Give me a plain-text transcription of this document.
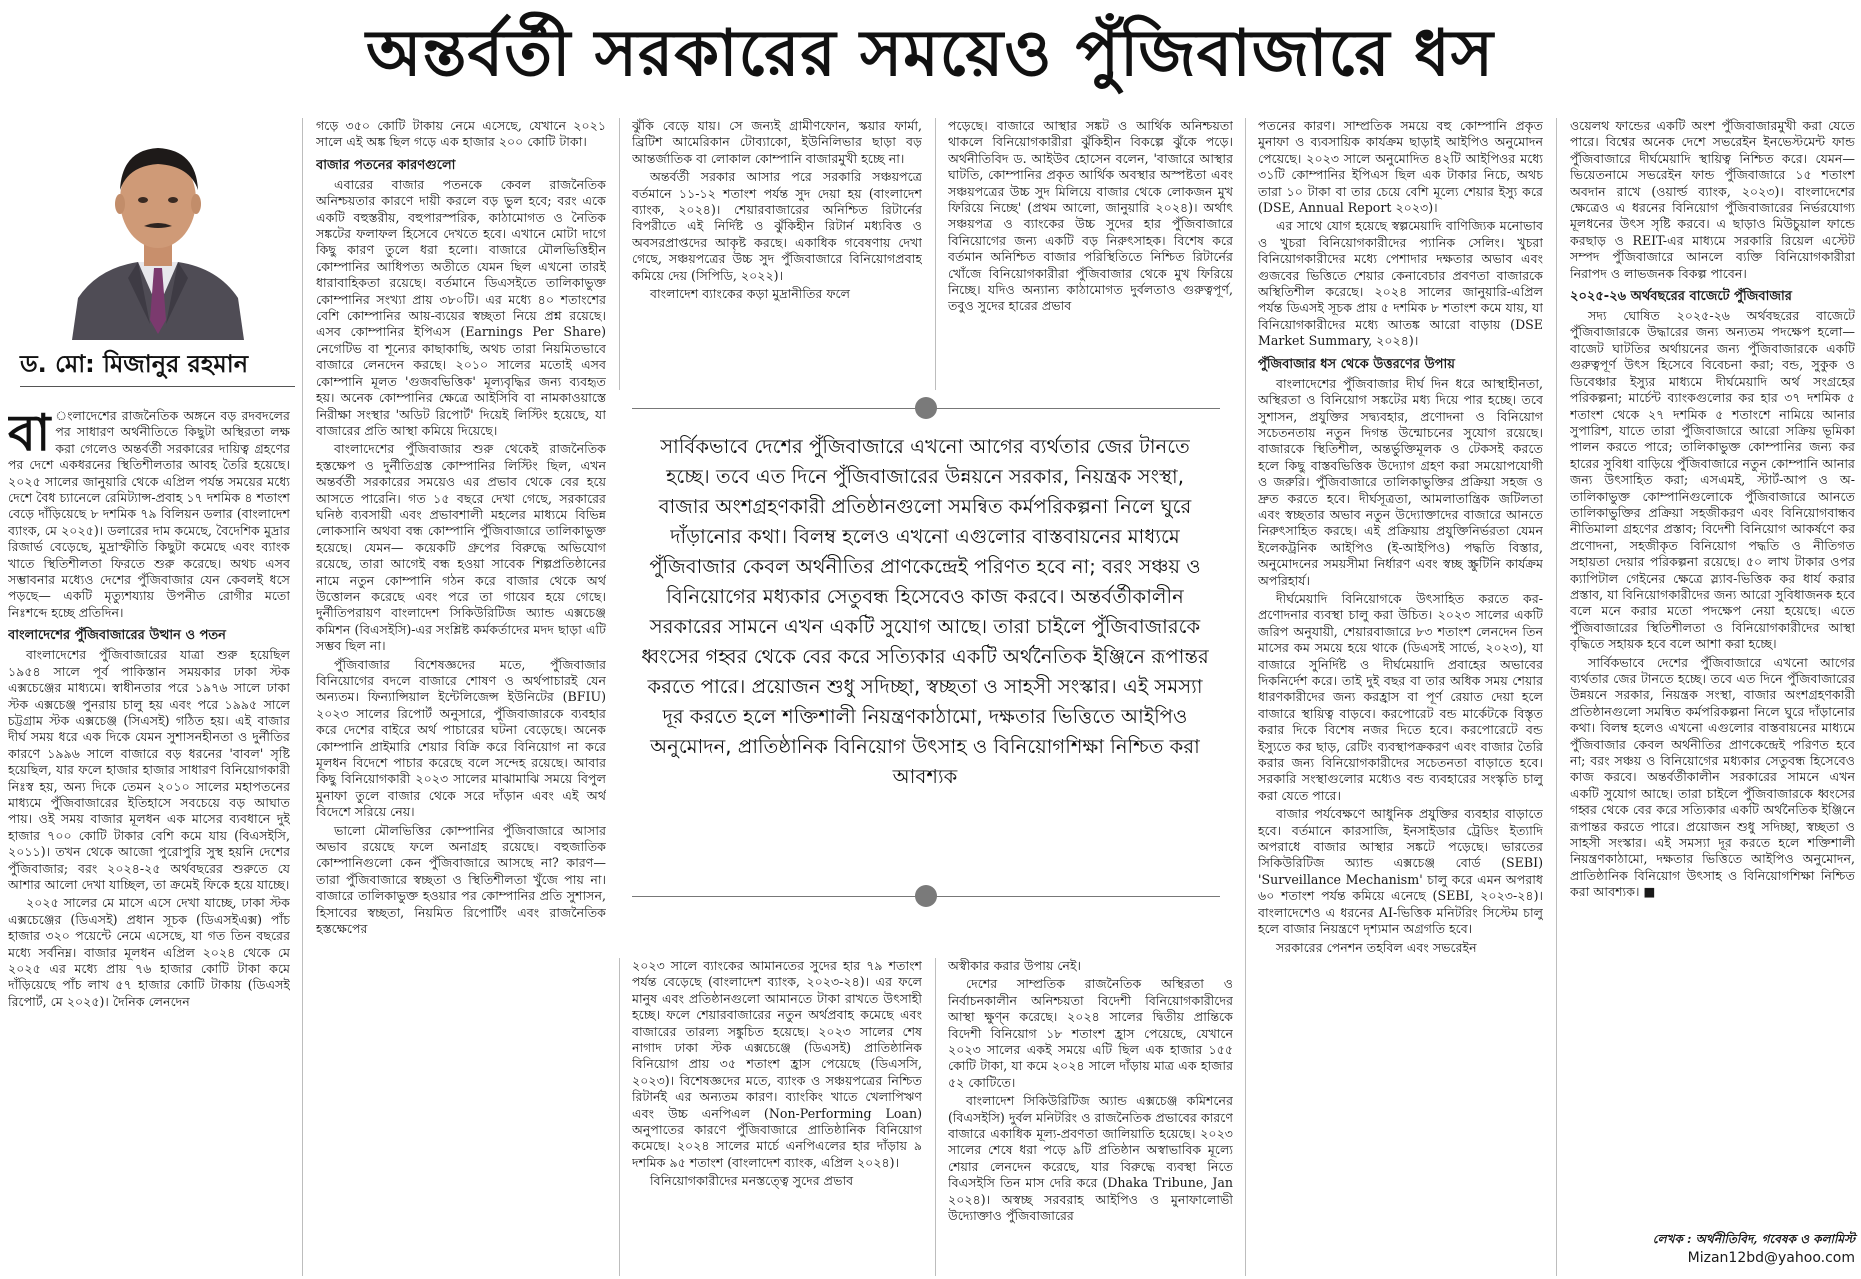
অন্তর্বর্তী সরকারের সময়েও পুঁজিবাজারে ধস

ড. মো: মিজানুর রহমান

বা ংলাদেশের রাজনৈতিক অঙ্গনে বড় রদবদলের পর সাধারণ অর্থনীতিতে কিছুটা অস্থিরতা লক্ষ করা গেলেও অন্তর্বর্তী সরকারের দায়িত্ব গ্রহণের পর দেশে একধরনের স্থিতিশীলতার আবহ তৈরি হয়েছে। ২০২৫ সালের জানুয়ারি থেকে এপ্রিল পর্যন্ত সময়ের মধ্যে দেশে বৈধ চ্যানেলে রেমিট্যান্স-প্রবাহ ১৭ দশমিক ৪ শতাংশ বেড়ে দাঁড়িয়েছে ৮ দশমিক ৭৯ বিলিয়ন ডলার (বাংলাদেশ ব্যাংক, মে ২০২৫)। ডলারের দাম কমেছে, বৈদেশিক মুদ্রার রিজার্ভ বেড়েছে, মুদ্রাস্ফীতি কিছুটা কমেছে এবং ব্যাংক খাতে স্থিতিশীলতা ফিরতে শুরু করেছে। অথচ এসব সম্ভাবনার মধ্যেও দেশের পুঁজিবাজার যেন কেবলই ধসে পড়ছে— একটি মৃত্যুশয্যায় উপনীত রোগীর মতো নিঃশব্দে হচ্ছে প্রতিদিন।

বাংলাদেশের পুঁজিবাজারের উত্থান ও পতন

বাংলাদেশের পুঁজিবাজারের যাত্রা শুরু হয়েছিল ১৯৫৪ সালে পূর্ব পাকিস্তান সময়কার ঢাকা স্টক এক্সচেঞ্জের মাধ্যমে। স্বাধীনতার পরে ১৯৭৬ সালে ঢাকা স্টক এক্সচেঞ্জ পুনরায় চালু হয় এবং পরে ১৯৯৫ সালে চট্টগ্রাম স্টক এক্সচেঞ্জ (সিএসই) গঠিত হয়। এই বাজার দীর্ঘ সময় ধরে এক দিকে যেমন সুশাসনহীনতা ও দুর্নীতির কারণে ১৯৯৬ সালে বাজারে বড় ধরনের 'বাবল' সৃষ্টি হয়েছিল, যার ফলে হাজার হাজার সাধারণ বিনিয়োগকারী নিঃস্ব হয়, অন্য দিকে তেমন ২০১০ সালের মহাপতনের মাধ্যমে পুঁজিবাজারের ইতিহাসে সবচেয়ে বড় আঘাত পায়। ওই সময় বাজার মূলধন এক মাসের ব্যবধানে দুই হাজার ৭০০ কোটি টাকার বেশি কমে যায় (বিএসইসি, ২০১১)। তখন থেকে আজো পুরোপুরি সুস্থ হয়নি দেশের পুঁজিবাজার; বরং ২০২৪-২৫ অর্থবছরের শুরুতে যে আশার আলো দেখা যাচ্ছিল, তা ক্রমেই ফিকে হয়ে যাচ্ছে।

২০২৫ সালের মে মাসে এসে দেখা যাচ্ছে, ঢাকা স্টক এক্সচেঞ্জের (ডিএসই) প্রধান সূচক (ডিএসইএক্স) পাঁচ হাজার ৩২০ পয়েন্টে নেমে এসেছে, যা গত তিন বছরের মধ্যে সর্বনিম্ন। বাজার মূলধন এপ্রিল ২০২৪ থেকে মে ২০২৫ এর মধ্যে প্রায় ৭৬ হাজার কোটি টাকা কমে দাঁড়িয়েছে পাঁচ লাখ ৫৭ হাজার কোটি টাকায় (ডিএসই রিপোর্ট, মে ২০২৫)। দৈনিক লেনদেন

গড়ে ৩৫০ কোটি টাকায় নেমে এসেছে, যেখানে ২০২১ সালে এই অঙ্ক ছিল গড়ে এক হাজার ২০০ কোটি টাকা।

বাজার পতনের কারণগুলো

এবারের বাজার পতনকে কেবল রাজনৈতিক অনিশ্চয়তার কারণে দায়ী করলে বড় ভুল হবে; বরং একে একটি বহুস্তরীয়, বহুপারস্পরিক, কাঠামোগত ও নৈতিক সঙ্কটের ফলাফল হিসেবে দেখতে হবে। এখানে মোটা দাগে কিছু কারণ তুলে ধরা হলো। বাজারে মৌলভিত্তিহীন কোম্পানির আধিপত্য অতীতে যেমন ছিল এখনো তারই ধারাবাহিকতা রয়েছে। বর্তমানে ডিএসইতে তালিকাভুক্ত কোম্পানির সংখ্যা প্রায় ৩৮০টি। এর মধ্যে ৪০ শতাংশের বেশি কোম্পানির আয়-ব্যয়ের স্বচ্ছতা নিয়ে প্রশ্ন রয়েছে। এসব কোম্পানির ইপিএস (Earnings Per Share) নেগেটিভ বা শূন্যের কাছাকাছি, অথচ তারা নিয়মিতভাবে বাজারে লেনদেন করছে। ২০১০ সালের মতোই এসব কোম্পানি মূলত 'গুজবভিত্তিক' মূল্যবৃদ্ধির জন্য ব্যবহৃত হয়। অনেক কোম্পানির ক্ষেত্রে আইসিবি বা নামকাওয়াস্তে নিরীক্ষা সংস্থার 'অডিট রিপোর্ট' দিয়েই লিস্টিং হয়েছে, যা বাজারের প্রতি আস্থা কমিয়ে দিয়েছে।

বাংলাদেশের পুঁজিবাজার শুরু থেকেই রাজনৈতিক হস্তক্ষেপ ও দুর্নীতিগ্রস্ত কোম্পানির লিস্টিং ছিল, এখন অন্তর্বর্তী সরকারের সময়েও এর প্রভাব থেকে বের হয়ে আসতে পারেনি। গত ১৫ বছরে দেখা গেছে, সরকারের ঘনিষ্ঠ ব্যবসায়ী এবং প্রভাবশালী মহলের মাধ্যমে বিভিন্ন লোকসানি অথবা বন্ধ কোম্পানি পুঁজিবাজারে তালিকাভুক্ত হয়েছে। যেমন— কয়েকটি গ্রুপের বিরুদ্ধে অভিযোগ রয়েছে, তারা আগেই বন্ধ হওয়া সাবেক শিল্পপ্রতিষ্ঠানের নামে নতুন কোম্পানি গঠন করে বাজার থেকে অর্থ উত্তোলন করেছে এবং পরে তা গায়েব হয়ে গেছে। দুর্নীতিপরায়ণ বাংলাদেশ সিকিউরিটিজ অ্যান্ড এক্সচেঞ্জ কমিশন (বিএসইসি)-এর সংশ্লিষ্ট কর্মকর্তাদের মদদ ছাড়া এটি সম্ভব ছিল না।

পুঁজিবাজার বিশেষজ্ঞদের মতে, পুঁজিবাজার বিনিয়োগের বদলে বাজারে শোষণ ও অর্থপাচারই যেন অন্যতম। ফিন্যান্সিয়াল ইন্টেলিজেন্স ইউনিটের (BFIU) ২০২৩ সালের রিপোর্ট অনুসারে, পুঁজিবাজারকে ব্যবহার করে দেশের বাইরে অর্থ পাচারের ঘটনা বেড়েছে। অনেক কোম্পানি প্রাইমারি শেয়ার বিক্রি করে বিনিয়োগ না করে মূলধন বিদেশে পাচার করেছে বলে সন্দেহ রয়েছে। আবার কিছু বিনিয়োগকারী ২০২৩ সালের মাঝামাঝি সময়ে বিপুল মুনাফা তুলে বাজার থেকে সরে দাঁড়ান এবং এই অর্থ বিদেশে সরিয়ে নেয়।

ভালো মৌলভিত্তির কোম্পানির পুঁজিবাজারে আসার অভাব রয়েছে ফলে অনাগ্রহ রয়েছে। বহুজাতিক কোম্পানিগুলো কেন পুঁজিবাজারে আসছে না? কারণ— তারা পুঁজিবাজারে স্বচ্ছতা ও স্থিতিশীলতা খুঁজে পায় না। বাজারে তালিকাভুক্ত হওয়ার পর কোম্পানির প্রতি সুশাসন, হিসাবের স্বচ্ছতা, নিয়মিত রিপোর্টিং এবং রাজনৈতিক হস্তক্ষেপের

ঝুঁকি বেড়ে যায়। সে জন্যই গ্রামীণফোন, স্কয়ার ফার্মা, ব্রিটিশ আমেরিকান টোব্যাকো, ইউনিলিভার ছাড়া বড় আন্তর্জাতিক বা লোকাল কোম্পানি বাজারমুখী হচ্ছে না।

অন্তর্বর্তী সরকার আসার পরে সরকারি সঞ্চয়পত্রে বর্তমানে ১১-১২ শতাংশ পর্যন্ত সুদ দেয়া হয় (বাংলাদেশ ব্যাংক, ২০২৪)। শেয়ারবাজারের অনিশ্চিত রিটার্নের বিপরীতে এই নির্দিষ্ট ও ঝুঁকিহীন রিটার্ন মধ্যবিত্ত ও অবসরপ্রাপ্তদের আকৃষ্ট করছে। একাধিক গবেষণায় দেখা গেছে, সঞ্চয়পত্রের উচ্চ সুদ পুঁজিবাজারে বিনিয়োগপ্রবাহ কমিয়ে দেয় (সিপিডি, ২০২২)।

বাংলাদেশ ব্যাংকের কড়া মুদ্রানীতির ফলে

পড়েছে। বাজারে আস্থার সঙ্কট ও আর্থিক অনিশ্চয়তা থাকলে বিনিয়োগকারীরা ঝুঁকিহীন বিকল্পে ঝুঁকে পড়ে। অর্থনীতিবিদ ড. আইউব হোসেন বলেন, 'বাজারে আস্থার ঘাটতি, কোম্পানির প্রকৃত আর্থিক অবস্থার অস্পষ্টতা এবং সঞ্চয়পত্রের উচ্চ সুদ মিলিয়ে বাজার থেকে লোকজন মুখ ফিরিয়ে নিচ্ছে' (প্রথম আলো, জানুয়ারি ২০২৪)। অর্থাৎ সঞ্চয়পত্র ও ব্যাংকের উচ্চ সুদের হার পুঁজিবাজারে বিনিয়োগের জন্য একটি বড় নিরুৎসাহক। বিশেষ করে বর্তমান অনিশ্চিত বাজার পরিস্থিতিতে নিশ্চিত রিটার্নের খোঁজে বিনিয়োগকারীরা পুঁজিবাজার থেকে মুখ ফিরিয়ে নিচ্ছে। যদিও অন্যান্য কাঠামোগত দুর্বলতাও গুরুত্বপূর্ণ, তবুও সুদের হারের প্রভাব

সার্বিকভাবে দেশের পুঁজিবাজারে এখনো আগের ব্যর্থতার জের টানতে হচ্ছে। তবে এত দিনে পুঁজিবাজারের উন্নয়নে সরকার, নিয়ন্ত্রক সংস্থা, বাজার অংশগ্রহণকারী প্রতিষ্ঠানগুলো সমন্বিত কর্মপরিকল্পনা নিলে ঘুরে দাঁড়ানোর কথা। বিলম্ব হলেও এখনো এগুলোর বাস্তবায়নের মাধ্যমে পুঁজিবাজার কেবল অর্থনীতির প্রাণকেন্দ্রেই পরিণত হবে না; বরং সঞ্চয় ও বিনিয়োগের মধ্যকার সেতুবন্ধ হিসেবেও কাজ করবে। অন্তর্বর্তীকালীন সরকারের সামনে এখন একটি সুযোগ আছে। তারা চাইলে পুঁজিবাজারকে ধ্বংসের গহ্বর থেকে বের করে সত্যিকার একটি অর্থনৈতিক ইঞ্জিনে রূপান্তর করতে পারে। প্রয়োজন শুধু সদিচ্ছা, স্বচ্ছতা ও সাহসী সংস্কার। এই সমস্যা দূর করতে হলে শক্তিশালী নিয়ন্ত্রণকাঠামো, দক্ষতার ভিত্তিতে আইপিও অনুমোদন, প্রাতিষ্ঠানিক বিনিয়োগ উৎসাহ ও বিনিয়োগশিক্ষা নিশ্চিত করা আবশ্যক

২০২৩ সালে ব্যাংকের আমানতের সুদের হার ৭৯ শতাংশ পর্যন্ত বেড়েছে (বাংলাদেশ ব্যাংক, ২০২৩-২৪)। এর ফলে মানুষ এবং প্রতিষ্ঠানগুলো আমানতে টাকা রাখতে উৎসাহী হচ্ছে। ফলে শেয়ারবাজারের নতুন অর্থপ্রবাহ কমেছে এবং বাজারের তারল্য সঙ্কুচিত হয়েছে। ২০২৩ সালের শেষ নাগাদ ঢাকা স্টক এক্সচেঞ্জে (ডিএসই) প্রাতিষ্ঠানিক বিনিয়োগ প্রায় ৩৫ শতাংশ হ্রাস পেয়েছে (ডিএসসি, ২০২৩)। বিশেষজ্ঞদের মতে, ব্যাংক ও সঞ্চয়পত্রের নিশ্চিত রিটার্নই এর অন্যতম কারণ। ব্যাংকিং খাতে খেলাপিঋণ এবং উচ্চ এনপিএল (Non-Performing Loan) অনুপাতের কারণে পুঁজিবাজারে প্রাতিষ্ঠানিক বিনিয়োগ কমেছে। ২০২৪ সালের মার্চে এনপিএলের হার দাঁড়ায় ৯ দশমিক ৯৫ শতাংশ (বাংলাদেশ ব্যাংক, এপ্রিল ২০২৪)।

বিনিয়োগকারীদের মনস্তত্ত্বে সুদের প্রভাব

অস্বীকার করার উপায় নেই।

দেশের সাম্প্রতিক রাজনৈতিক অস্থিরতা ও নির্বাচনকালীন অনিশ্চয়তা বিদেশী বিনিয়োগকারীদের আস্থা ক্ষুণ্ন করেছে। ২০২৪ সালের দ্বিতীয় প্রান্তিকে বিদেশী বিনিয়োগ ১৮ শতাংশ হ্রাস পেয়েছে, যেখানে ২০২৩ সালের একই সময়ে এটি ছিল এক হাজার ১৫৫ কোটি টাকা, যা কমে ২০২৪ সালে দাঁড়ায় মাত্র এক হাজার ৫২ কোটিতে।

বাংলাদেশ সিকিউরিটিজ অ্যান্ড এক্সচেঞ্জ কমিশনের (বিএসইসি) দুর্বল মনিটরিং ও রাজনৈতিক প্রভাবের কারণে বাজারে একাধিক মূল্য-প্রবণতা জালিয়াতি হয়েছে। ২০২৩ সালের শেষে ধরা পড়ে ৯টি প্রতিষ্ঠান অস্বাভাবিক মূল্যে শেয়ার লেনদেন করেছে, যার বিরুদ্ধে ব্যবস্থা নিতে বিএসইসি তিন মাস দেরি করে (Dhaka Tribune, Jan ২০২৪)। অস্বচ্ছ সরবরাহ আইপিও ও মুনাফালোভী উদ্যোক্তাও পুঁজিবাজারের

পতনের কারণ। সাম্প্রতিক সময়ে বহু কোম্পানি প্রকৃত মুনাফা ও ব্যবসায়িক কার্যক্রম ছাড়াই আইপিও অনুমোদন পেয়েছে। ২০২৩ সালে অনুমোদিত ৪২টি আইপিওর মধ্যে ৩১টি কোম্পানির ইপিএস ছিল এক টাকার নিচে, অথচ তারা ১০ টাকা বা তার চেয়ে বেশি মূল্যে শেয়ার ইস্যু করে (DSE, Annual Report ২০২৩)।

এর সাথে যোগ হয়েছে স্বল্পমেয়াদি বাণিজ্যিক মনোভাব ও খুচরা বিনিয়োগকারীদের প্যানিক সেলিং। খুচরা বিনিয়োগকারীদের মধ্যে পেশাদার দক্ষতার অভাব এবং গুজবের ভিত্তিতে শেয়ার কেনাবেচার প্রবণতা বাজারকে অস্থিতিশীল করেছে। ২০২৪ সালের জানুয়ারি-এপ্রিল পর্যন্ত ডিএসই সূচক প্রায় ৫ দশমিক ৮ শতাংশ কমে যায়, যা বিনিয়োগকারীদের মধ্যে আতঙ্ক আরো বাড়ায় (DSE Market Summary, ২০২৪)।

পুঁজিবাজার ধস থেকে উত্তরণের উপায়

বাংলাদেশের পুঁজিবাজার দীর্ঘ দিন ধরে আস্থাহীনতা, অস্থিরতা ও বিনিয়োগ সঙ্কটের মধ্য দিয়ে পার হচ্ছে। তবে সুশাসন, প্রযুক্তির সদ্ব্যবহার, প্রণোদনা ও বিনিয়োগ সচেতনতায় নতুন দিগন্ত উন্মোচনের সুযোগ রয়েছে। বাজারকে স্থিতিশীল, অন্তর্ভুক্তিমূলক ও টেকসই করতে হলে কিছু বাস্তবভিত্তিক উদ্যোগ গ্রহণ করা সময়োপযোগী ও জরুরি। পুঁজিবাজারে তালিকাভুক্তির প্রক্রিয়া সহজ ও দ্রুত করতে হবে। দীর্ঘসূত্রতা, আমলাতান্ত্রিক জটিলতা এবং স্বচ্ছতার অভাব নতুন উদ্যোক্তাদের বাজারে আনতে নিরুৎসাহিত করছে। এই প্রক্রিয়ায় প্রযুক্তিনির্ভরতা যেমন ইলেকট্রনিক আইপিও (ই-আইপিও) পদ্ধতি বিস্তার, অনুমোদনের সময়সীমা নির্ধারণ এবং স্বচ্ছ স্ক্রুটিনি কার্যক্রম অপরিহার্য।

দীর্ঘমেয়াদি বিনিয়োগকে উৎসাহিত করতে কর-প্রণোদনার ব্যবস্থা চালু করা উচিত। ২০২৩ সালের একটি জরিপ অনুযায়ী, শেয়ারবাজারে ৮৩ শতাংশ লেনদেন তিন মাসের কম সময়ে হয়ে থাকে (ডিএসই সার্ভে, ২০২৩), যা বাজারে সুনির্দিষ্ট ও দীর্ঘমেয়াদি প্রবাহের অভাবের দিকনির্দেশ করে। তাই দুই বছর বা তার অধিক সময় শেয়ার ধারণকারীদের জন্য করহ্রাস বা পূর্ণ রেয়াত দেয়া হলে বাজারে স্থায়িত্ব বাড়বে। করপোরেট বন্ড মার্কেটকে বিস্তৃত করার দিকে বিশেষ নজর দিতে হবে। করপোরেটে বন্ড ইস্যুতে কর ছাড়, রেটিং ব্যবস্থাপক্রকরণ এবং বাজার তৈরি করার জন্য বিনিয়োগকারীদের সচেতনতা বাড়াতে হবে। সরকারি সংস্থাগুলোর মধ্যেও বন্ড ব্যবহারের সংস্কৃতি চালু করা যেতে পারে।

বাজার পর্যবেক্ষণে আধুনিক প্রযুক্তির ব্যবহার বাড়াতে হবে। বর্তমানে কারসাজি, ইনসাইডার ট্রেডিং ইত্যাদি অপরাধে বাজার আস্থার সঙ্কটে পড়েছে। ভারতের সিকিউরিটিজ অ্যান্ড এক্সচেঞ্জ বোর্ড (SEBI) 'Surveillance Mechanism' চালু করে এমন অপরাধ ৬০ শতাংশ পর্যন্ত কমিয়ে এনেছে (SEBI, ২০২৩-২৪)। বাংলাদেশেও এ ধরনের AI-ভিত্তিক মনিটরিং সিস্টেম চালু হলে বাজার নিয়ন্ত্রণে দৃশ্যমান অগ্রগতি হবে।

সরকারের পেনশন তহবিল এবং সভরেইন

ওয়েলথ ফান্ডের একটি অংশ পুঁজিবাজারমুখী করা যেতে পারে। বিশ্বের অনেক দেশে সভরেইন ইনভেস্টমেন্ট ফান্ড পুঁজিবাজারে দীর্ঘমেয়াদি স্থায়িত্ব নিশ্চিত করে। যেমন— ভিয়েতনামে সভরেইন ফান্ড পুঁজিবাজারে ১৫ শতাংশ অবদান রাখে (ওয়ার্ল্ড ব্যাংক, ২০২৩)। বাংলাদেশের ক্ষেত্রেও এ ধরনের বিনিয়োগ পুঁজিবাজারের নির্ভরযোগ্য মূলধনের উৎস সৃষ্টি করবে। এ ছাড়াও মিউচুয়াল ফান্ডে করছাড় ও REIT-এর মাধ্যমে সরকারি রিয়েল এস্টেট সম্পদ পুঁজিবাজারে আনলে ব্যক্তি বিনিয়োগকারীরা নিরাপদ ও লাভজনক বিকল্প পাবেন।

২০২৫-২৬ অর্থবছরের বাজেটে পুঁজিবাজার

সদ্য ঘোষিত ২০২৫-২৬ অর্থবছরের বাজেটে পুঁজিবাজারকে উদ্ধারের জন্য অন্যতম পদক্ষেপ হলো— বাজেট ঘাটতির অর্থায়নের জন্য পুঁজিবাজারকে একটি গুরুত্বপূর্ণ উৎস হিসেবে বিবেচনা করা; বন্ড, সুকুক ও ডিবেঞ্চার ইস্যুর মাধ্যমে দীর্ঘমেয়াদি অর্থ সংগ্রহের পরিকল্পনা; মার্চেন্ট ব্যাংকগুলোর কর হার ৩৭ দশমিক ৫ শতাংশ থেকে ২৭ দশমিক ৫ শতাংশে নামিয়ে আনার সুপারিশ, যাতে তারা পুঁজিবাজারে আরো সক্রিয় ভূমিকা পালন করতে পারে; তালিকাভুক্ত কোম্পানির জন্য কর হারের সুবিধা বাড়িয়ে পুঁজিবাজারে নতুন কোম্পানি আনার জন্য উৎসাহিত করা; এসএমই, স্টার্ট-আপ ও অ-তালিকাভুক্ত কোম্পানিগুলোকে পুঁজিবাজারে আনতে তালিকাভুক্তির প্রক্রিয়া সহজীকরণ এবং বিনিয়োগবান্ধব নীতিমালা গ্রহণের প্রস্তাব; বিদেশী বিনিয়োগ আকর্ষণে কর প্রণোদনা, সহজীকৃত বিনিয়োগ পদ্ধতি ও নীতিগত সহায়তা দেয়ার পরিকল্পনা রয়েছে। ৫০ লাখ টাকার ওপর ক্যাপিটাল গেইনের ক্ষেত্রে স্ল্যাব-ভিত্তিক কর ধার্য করার প্রস্তাব, যা বিনিয়োগকারীদের জন্য আরো সুবিধাজনক হবে বলে মনে করার মতো পদক্ষেপ নেয়া হয়েছে। এতে পুঁজিবাজারের স্থিতিশীলতা ও বিনিয়োগকারীদের আস্থা বৃদ্ধিতে সহায়ক হবে বলে আশা করা হচ্ছে।

সার্বিকভাবে দেশের পুঁজিবাজারে এখনো আগের ব্যর্থতার জের টানতে হচ্ছে। তবে এত দিনে পুঁজিবাজারের উন্নয়নে সরকার, নিয়ন্ত্রক সংস্থা, বাজার অংশগ্রহণকারী প্রতিষ্ঠানগুলো সমন্বিত কর্মপরিকল্পনা নিলে ঘুরে দাঁড়ানোর কথা। বিলম্ব হলেও এখনো এগুলোর বাস্তবায়নের মাধ্যমে পুঁজিবাজার কেবল অর্থনীতির প্রাণকেন্দ্রেই পরিণত হবে না; বরং সঞ্চয় ও বিনিয়োগের মধ্যকার সেতুবন্ধ হিসেবেও কাজ করবে। অন্তর্বর্তীকালীন সরকারের সামনে এখন একটি সুযোগ আছে। তারা চাইলে পুঁজিবাজারকে ধ্বংসের গহ্বর থেকে বের করে সত্যিকার একটি অর্থনৈতিক ইঞ্জিনে রূপান্তর করতে পারে। প্রয়োজন শুধু সদিচ্ছা, স্বচ্ছতা ও সাহসী সংস্কার। এই সমস্যা দূর করতে হলে শক্তিশালী নিয়ন্ত্রণকাঠামো, দক্ষতার ভিত্তিতে আইপিও অনুমোদন, প্রাতিষ্ঠানিক বিনিয়োগ উৎসাহ ও বিনিয়োগশিক্ষা নিশ্চিত করা আবশ্যক। ■

লেখক : অর্থনীতিবিদ, গবেষক ও কলামিস্ট
Mizan12bd@yahoo.com
